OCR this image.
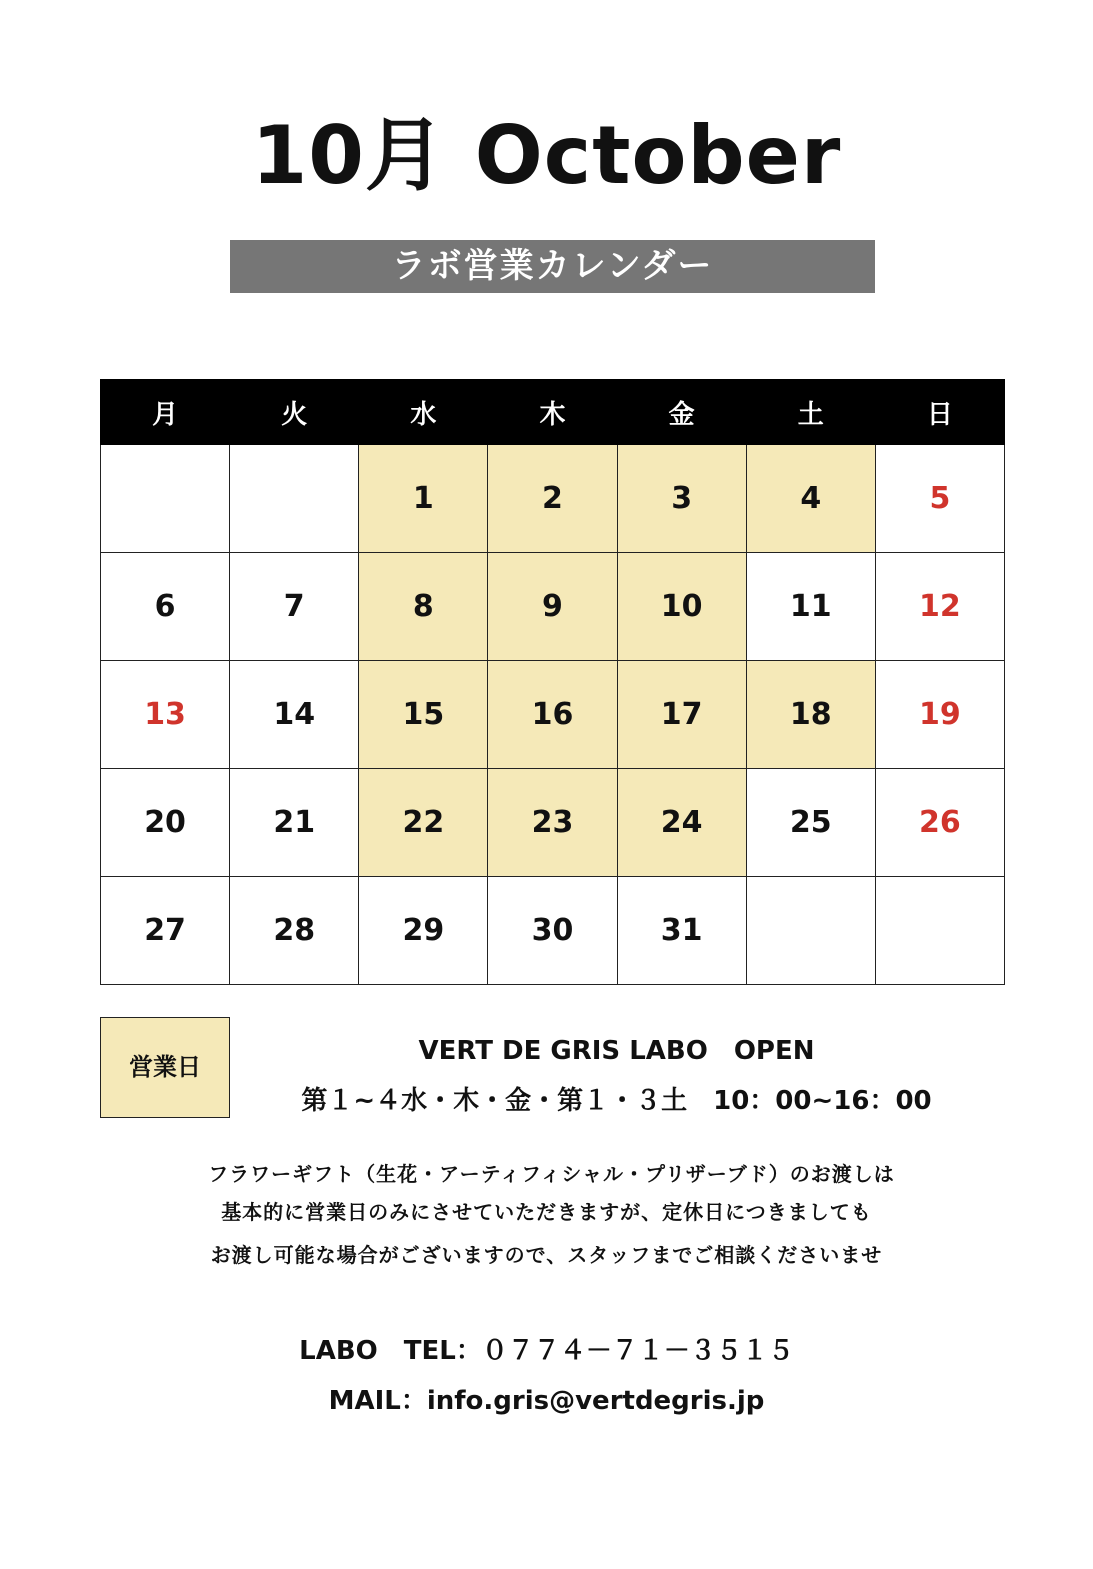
10月 October
ラボ営業カレンダー
月	火	水	木	金	土	日
		1	2	3	4	5
6	7	8	9	10	11	12
13	14	15	16	17	18	19
20	21	22	23	24	25	26
27	28	29	30	31		
営業日
VERT DE GRIS LABO　OPEN
第１~４水・木・金・第１・３土　10：00~16：00
フラワーギフト（生花・アーティフィシャル・プリザーブド）のお渡しは
基本的に営業日のみにさせていただきますが、定休日につきましても
お渡し可能な場合がございますので、スタッフまでご相談くださいませ
LABO　TEL：０７７４－７１－３５１５
MAIL：info.gris@vertdegris.jp
